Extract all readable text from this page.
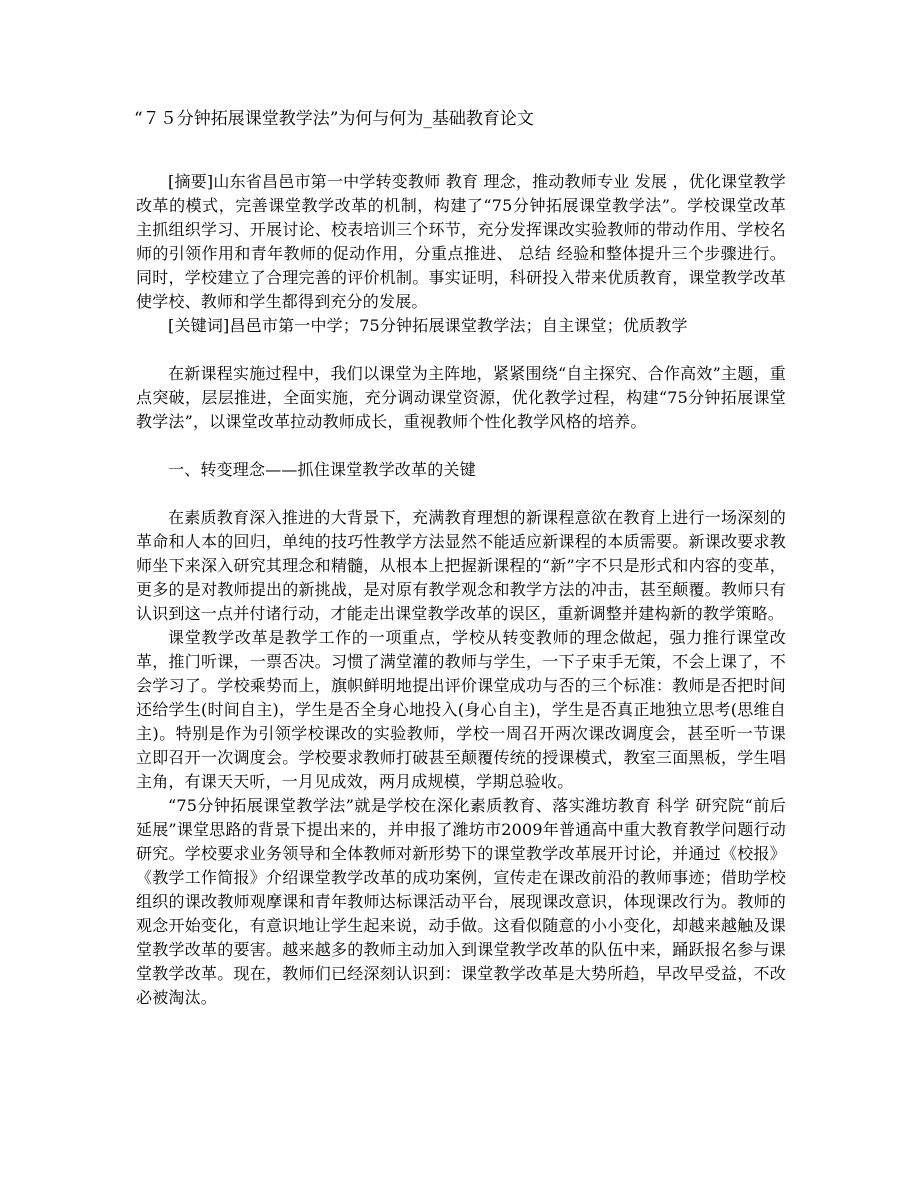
“７５分钟拓展课堂教学法”为何与何为_基础教育论文

[摘要]山东省昌邑市第一中学转变教师 教育 理念，推动教师专业 发展 ，优化课堂教学改革的模式，完善课堂教学改革的机制，构建了“75分钟拓展课堂教学法”。学校课堂改革主抓组织学习、开展讨论、校表培训三个环节，充分发挥课改实验教师的带动作用、学校名师的引领作用和青年教师的促动作用，分重点推进、 总结 经验和整体提升三个步骤进行。同时，学校建立了合理完善的评价机制。事实证明，科研投入带来优质教育，课堂教学改革使学校、教师和学生都得到充分的发展。

[关键词]昌邑市第一中学；75分钟拓展课堂教学法；自主课堂；优质教学

在新课程实施过程中，我们以课堂为主阵地，紧紧围绕“自主探究、合作高效”主题，重点突破，层层推进，全面实施，充分调动课堂资源，优化教学过程，构建“75分钟拓展课堂教学法”，以课堂改革拉动教师成长，重视教师个性化教学风格的培养。

一、转变理念——抓住课堂教学改革的关键

在素质教育深入推进的大背景下，充满教育理想的新课程意欲在教育上进行一场深刻的革命和人本的回归，单纯的技巧性教学方法显然不能适应新课程的本质需要。新课改要求教师坐下来深入研究其理念和精髓，从根本上把握新课程的“新”字不只是形式和内容的变革，更多的是对教师提出的新挑战，是对原有教学观念和教学方法的冲击，甚至颠覆。教师只有认识到这一点并付诸行动，才能走出课堂教学改革的误区，重新调整并建构新的教学策略。

课堂教学改革是教学工作的一项重点，学校从转变教师的理念做起，强力推行课堂改革，推门听课，一票否决。习惯了满堂灌的教师与学生，一下子束手无策，不会上课了，不会学习了。学校乘势而上，旗帜鲜明地提出评价课堂成功与否的三个标准：教师是否把时间还给学生(时间自主)，学生是否全身心地投入(身心自主)，学生是否真正地独立思考(思维自主)。特别是作为引领学校课改的实验教师，学校一周召开两次课改调度会，甚至听一节课立即召开一次调度会。学校要求教师打破甚至颠覆传统的授课模式，教室三面黑板，学生唱主角，有课天天听，一月见成效，两月成规模，学期总验收。

“75分钟拓展课堂教学法”就是学校在深化素质教育、落实潍坊教育 科学 研究院“前后延展”课堂思路的背景下提出来的，并申报了潍坊市2009年普通高中重大教育教学问题行动研究。学校要求业务领导和全体教师对新形势下的课堂教学改革展开讨论，并通过《校报》《教学工作简报》介绍课堂教学改革的成功案例，宣传走在课改前沿的教师事迹；借助学校组织的课改教师观摩课和青年教师达标课活动平台，展现课改意识，体现课改行为。教师的观念开始变化，有意识地让学生起来说，动手做。这看似随意的小小变化，却越来越触及课堂教学改革的要害。越来越多的教师主动加入到课堂教学改革的队伍中来，踊跃报名参与课堂教学改革。现在，教师们已经深刻认识到：课堂教学改革是大势所趋，早改早受益，不改必被淘汰。
